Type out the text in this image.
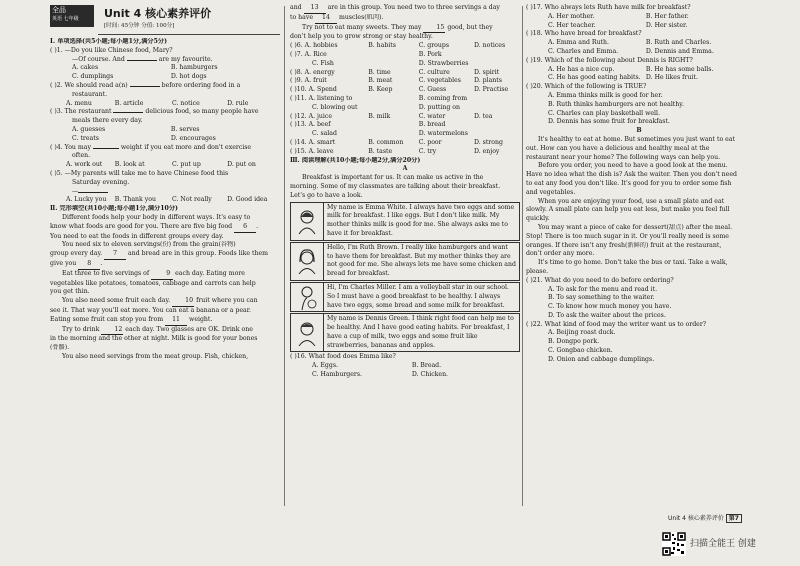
全品
英语 七年级	Unit 4 核心素养评价
[时间: 45分钟 分值: 100分]
Ⅰ. 单项选择(共5小题;每小题1分,满分5分)
( )1. —Do you like Chinese food, Mary?
—Of course. And	are my favourite.
A. cakes	B. hamburgers
C. dumplings	D. hot dogs
( )2. We should read a(n)	before ordering food in a
restaurant.
A. menu	B. article	C. notice	D. rule
( )3. The restaurant	delicious food, so many people have
meals there every day.
A. guesses	B. serves
C. treats	D. encourages
( )4. You may	weight if you eat more and don't exercise
often.
A. work out	B. look at	C. put up	D. put on
( )5. —My parents will take me to have Chinese food this
Saturday evening.
—
A. Lucky you	B. Thank you	C. Not really	D. Good idea
Ⅱ. 完形填空(共10小题;每小题1分,满分10分)
Different foods help your body in different ways. It's easy to
know what foods are good for you. There are five big food 6 .
You need to eat the foods in different groups every day.
You need six to eleven servings(份) from the grain(谷物)
group every day. 7 and bread are in this group. Foods like them
give you 8 .
Eat three to five servings of	9 each day. Eating more
vegetables like potatoes, tomatoes, cabbage and carrots can help
you get thin.
You also need some fruit each day. 10 fruit where you can
see it. That way you'll eat more. You can eat a banana or a pear.
Eating some fruit can stop you from 11 weight.
Try to drink 12 each day. Two glasses are OK. Drink one
in the morning and the other at night. Milk is good for your bones
(骨骼).
You also need servings from the meat group. Fish, chicken,
and 13 are in this group. You need two to three servings a day
to have 14 muscles(肌肉).
Try not to eat many sweets. They may 15 good, but they
don't help you to grow strong or stay healthy.
( )6. A. hobbies	B. habits	C. groups	D. notices
( )7. A. Rice	B. Pork
C. Fish	D. Strawberries
( )8. A. energy	B. time	C. culture	D. spirit
( )9. A. fruit	B. meat	C. vegetables	D. plants
( )10. A. Spend	B. Keep	C. Guess	D. Practise
( )11. A. listening to	B. coming from
C. blowing out	D. putting on
( )12. A. juice	B. milk	C. water	D. tea
( )13. A. beef	B. bread
C. salad	D. watermelons
( )14. A. smart	B. common	C. poor	D. strong
( )15. A. leave	B. taste	C. try	D. enjoy
Ⅲ. 阅读理解(共10小题;每小题2分,满分20分)
A
Breakfast is important for us. It can make us active in the
morning. Some of my classmates are talking about their breakfast.
Let's go to have a look.
My name is Emma White. I always have two eggs and some milk for breakfast. I like eggs. But I don't like milk. My mother thinks milk is good for me. She always asks me to have it for breakfast.
Hello, I'm Ruth Brown. I really like hamburgers and want to have them for breakfast. But my mother thinks they are not good for me. She always lets me have some chicken and bread for breakfast.
Hi, I'm Charles Miller. I am a volleyball star in our school. So I must have a good breakfast to be healthy. I always have two eggs, some bread and some milk for breakfast.
My name is Dennis Green. I think right food can help me to be healthy. And I have good eating habits. For breakfast, I have a cup of milk, two eggs and some fruit like strawberries, bananas and apples.
( )16. What food does Emma like?
A. Eggs.	B. Bread.
C. Hamburgers.	D. Chicken.
( )17. Who always lets Ruth have milk for breakfast?
A. Her mother.	B. Her father.
C. Her teacher.	D. Her sister.
( )18. Who have bread for breakfast?
A. Emma and Ruth.	B. Ruth and Charles.
C. Charles and Emma.	D. Dennis and Emma.
( )19. Which of the following about Dennis is RIGHT?
A. He has a nice cup.	B. He has some balls.
C. He has good eating habits. D. He likes fruit.
( )20. Which of the following is TRUE?
A. Emma thinks milk is good for her.
B. Ruth thinks hamburgers are not healthy.
C. Charles can play basketball well.
D. Dennis has some fruit for breakfast.
B
It's healthy to eat at home. But sometimes you just want to eat
out. How can you have a delicious and healthy meal at the
restaurant near your home? The following ways can help you.
Before you order, you need to have a good look at the menu.
Have no idea what the dish is? Ask the waiter. Then you don't need
to eat any food you don't like. It's good for you to order some fish
and vegetables.
When you are enjoying your food, use a small plate and eat
slowly. A small plate can help you eat less, but make you feel full
quickly.
You may want a piece of cake for dessert(甜点) after the meal.
Stop! There is too much sugar in it. Or you'll really need is some
oranges. If there isn't any fresh(新鲜的) fruit at the restaurant,
don't order any more.
It's time to go home. Don't take the bus or taxi. Take a walk,
please.
( )21. What do you need to do before ordering?
A. To ask for the menu and read it.
B. To say something to the waiter.
C. To know how much money you have.
D. To ask the waiter about the prices.
( )22. What kind of food may the writer want us to order?
A. Beijing roast duck.
B. Dongpo pork.
C. Gongbao chicken.
D. Onion and cabbage dumplings.
Unit 4 核心素养评价 第7
扫描全能王 创建
